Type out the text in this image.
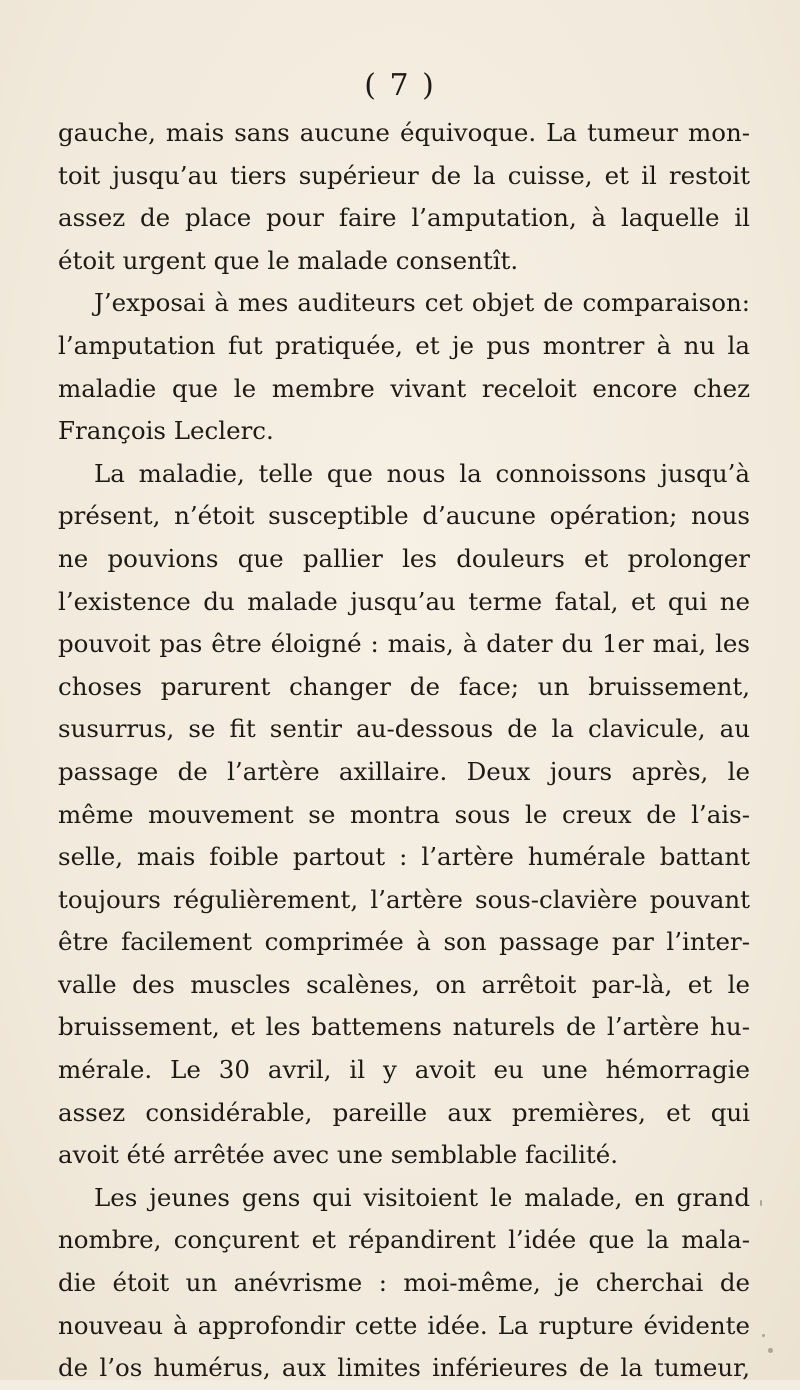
( 7 )
gauche, mais sans aucune équivoque. La tumeur mon-
toit jusqu’au tiers supérieur de la cuisse, et il restoit
assez de place pour faire l’amputation, à laquelle il
étoit urgent que le malade consentît.
J’exposai à mes auditeurs cet objet de comparaison:
l’amputation fut pratiquée, et je pus montrer à nu la
maladie que le membre vivant receloit encore chez
François Leclerc.
La maladie, telle que nous la connoissons jusqu’à
présent, n’étoit susceptible d’aucune opération; nous
ne pouvions que pallier les douleurs et prolonger
l’existence du malade jusqu’au terme fatal, et qui ne
pouvoit pas être éloigné : mais, à dater du 1er mai, les
choses parurent changer de face; un bruissement,
susurrus, se fit sentir au-dessous de la clavicule, au
passage de l’artère axillaire. Deux jours après, le
même mouvement se montra sous le creux de l’ais-
selle, mais foible partout : l’artère humérale battant
toujours régulièrement, l’artère sous-clavière pouvant
être facilement comprimée à son passage par l’inter-
valle des muscles scalènes, on arrêtoit par-là, et le
bruissement, et les battemens naturels de l’artère hu-
mérale. Le 30 avril, il y avoit eu une hémorragie
assez considérable, pareille aux premières, et qui
avoit été arrêtée avec une semblable facilité.
Les jeunes gens qui visitoient le malade, en grand
nombre, conçurent et répandirent l’idée que la mala-
die étoit un anévrisme : moi-même, je cherchai de
nouveau à approfondir cette idée. La rupture évidente
de l’os humérus, aux limites inférieures de la tumeur,
